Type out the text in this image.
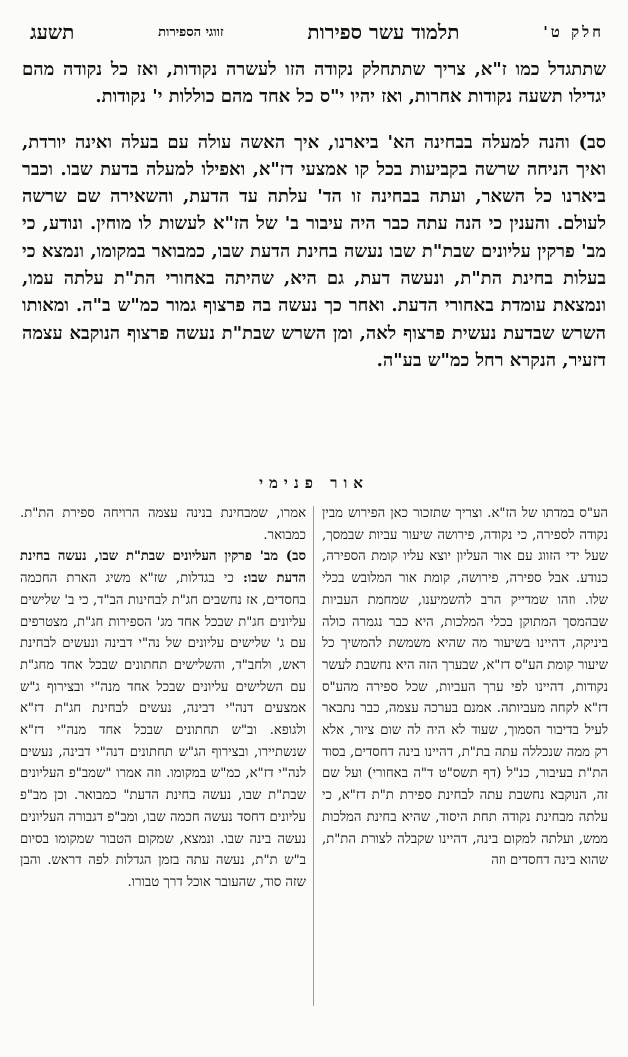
חלק ט'
תלמוד עשר ספירות
זווגי הספירות
תשעג

שתתגדל כמו ז"א, צריך שתתחלק נקודה הזו לעשרה נקודות, ואז כל נקודה מהם יגדילו תשעה נקודות אחרות, ואז יהיו י"ס כל אחד מהם כוללות י' נקודות.

סב) והנה למעלה בבחינה הא' ביארנו, איך האשה עולה עם בעלה ואינה יורדת, ואיך הניחה שרשה בקביעות בכל קו אמצעי דז"א, ואפילו למעלה בדעת שבו. וכבר ביארנו כל השאר, ועתה בבחינה זו הד' עלתה עד הדעת, והשאירה שם שרשה לעולם. והענין כי הנה עתה כבר היה עיבור ב' של הז"א לעשות לו מוחין. ונודע, כי מב' פרקין עליונים שבת"ת שבו נעשה בחינת הדעת שבו, כמבואר במקומו, ונמצא כי בעלות בחינת הת"ת, ונעשה דעת, גם היא, שהיתה באחורי הת"ת עלתה עמו, ונמצאת עומדת באחורי הדעת. ואחר כך נעשה בה פרצוף גמור כמ"ש ב"ה. ומאותו השרש שבדעת נעשית פרצוף לאה, ומן השרש שבת"ת נעשה פרצוף הנוקבא עצמה דזעיר, הנקרא רחל כמ"ש בע"ה.

אור פנימי
הע"ס במדתו של הז"א. וצריך שתזכור כאן הפירוש מבין נקודה לספירה, כי נקודה, פירושה שיעור עביות שבמסך, שעל ידי הזווג עם אור העליון יוצא עליו קומת הספירה, כנודע. אבל ספירה, פירושה, קומת אור המלובש בכלי שלו. וזהו שמדייק הרב להשמיענו, שמחמת העביות שבהמסך המתוקן בכלי המלכות, היא כבר נגמרה כולה ביניקה, דהיינו בשיעור מה שהיא משמשת להמשיך כל שיעור קומת הע"ס דז"א, שבערך הזה היא נחשבת לעשר נקודות, דהיינו לפי ערך העביות, שכל ספירה מהע"ס דז"א לקחה מעביותה. אמנם בערכה עצמה, כבר נתבאר לעיל בדיבור הסמוך, שעוד לא היה לה שום ציור, אלא רק ממה שנכללה עתה בת"ת, דהיינו בינה דחסדים, בסוד הת"ת בעיבור, כנ"ל (דף תשס"ט ד"ה באחורי) ועל שם זה, הנוקבא נחשבת עתה לבחינת ספירת ת"ת דז"א, כי עלתה מבחינת נקודה תחת היסוד, שהיא בחינת המלכות ממש, ועלתה למקום בינה, דהיינו שקבלה לצורת הת"ת, שהוא בינה דחסדים וזה
אמרו, שמבחינת בנינה עצמה הרויחה ספירת הת"ת. כמבואר.
סב) מב' פרקין העליונים שבת"ת שבו, נעשה בחינת הדעת שבו: כי בגדלות, שז"א משיג הארת החכמה בחסדים, אז נחשבים חג"ת לבחינות הב"ד, כי ב' שלישים עליונים חג"ת שבכל אחד מג' הספירות חג"ת, מצטרפים עם ג' שלישים עליונים של נה"י דבינה ונעשים לבחינת ראש, ולחב"ד, והשלישים תחתונים שבכל אחד מחג"ת עם השלישים עליונים שבכל אחד מנה"י ובצירוף ג"ש אמצעים דנה"י דבינה, נעשים לבחינת חג"ת דז"א ולגופא. וב"ש תחתונים שבכל אחד מנה"י דז"א שנשתיירו, ובצירוף הג"ש תחתונים דנה"י דבינה, נעשים לנה"י דז"א, כמ"ש במקומו. וזה אמרו "שמב"פ העליונים שבת"ת שבו, נעשה בחינת הדעת" כמבואר. וכן מב"פ עליונים דחסד נעשה חכמה שבו, ומב"פ דגבורה העליונים נעשה בינה שבו. ונמצא, שמקום הטבור שמקומו בסיום ב"ש ת"ת, נעשה עתה בזמן הגדלות לפה דראש. והבן שזה סוד, שהעובר אוכל דרך טבורו.
